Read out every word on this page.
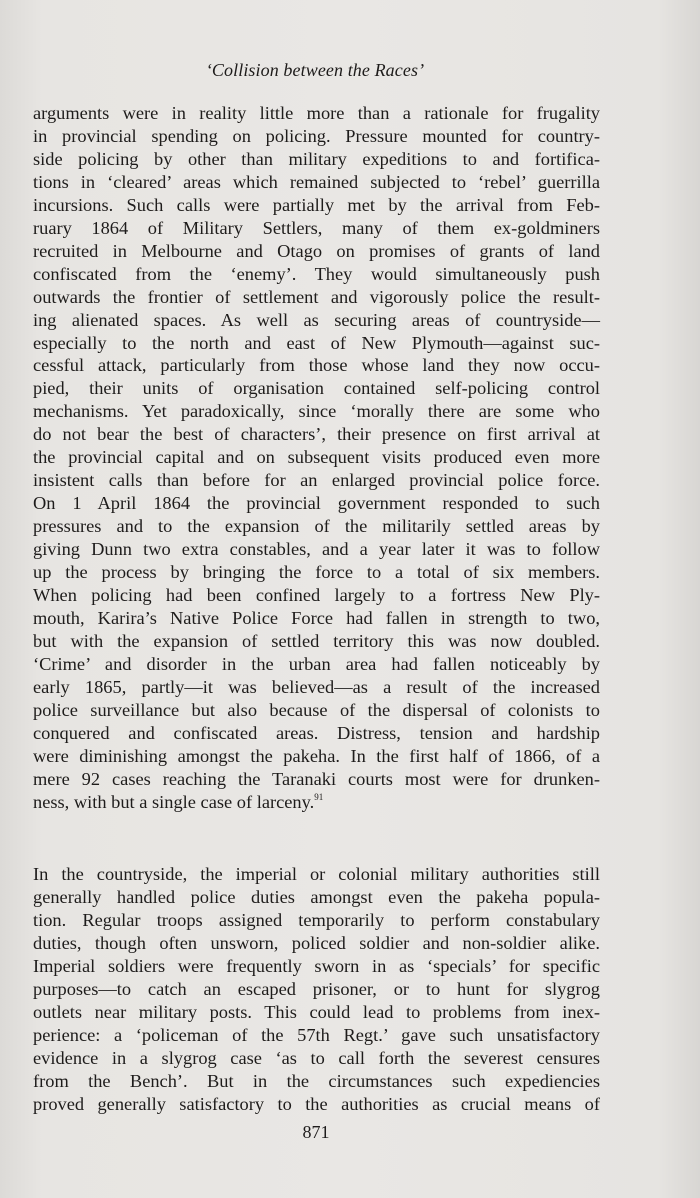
‘Collision between the Races’

arguments were in reality little more than a rationale for frugality
in provincial spending on policing. Pressure mounted for country-
side policing by other than military expeditions to and fortifica-
tions in ‘cleared’ areas which remained subjected to ‘rebel’ guerrilla
incursions. Such calls were partially met by the arrival from Feb-
ruary 1864 of Military Settlers, many of them ex-goldminers
recruited in Melbourne and Otago on promises of grants of land
confiscated from the ‘enemy’. They would simultaneously push
outwards the frontier of settlement and vigorously police the result-
ing alienated spaces. As well as securing areas of countryside—
especially to the north and east of New Plymouth—against suc-
cessful attack, particularly from those whose land they now occu-
pied, their units of organisation contained self-policing control
mechanisms. Yet paradoxically, since ‘morally there are some who
do not bear the best of characters’, their presence on first arrival at
the provincial capital and on subsequent visits produced even more
insistent calls than before for an enlarged provincial police force.
On 1 April 1864 the provincial government responded to such
pressures and to the expansion of the militarily settled areas by
giving Dunn two extra constables, and a year later it was to follow
up the process by bringing the force to a total of six members.
When policing had been confined largely to a fortress New Ply-
mouth, Karira’s Native Police Force had fallen in strength to two,
but with the expansion of settled territory this was now doubled.
‘Crime’ and disorder in the urban area had fallen noticeably by
early 1865, partly—it was believed—as a result of the increased
police surveillance but also because of the dispersal of colonists to
conquered and confiscated areas. Distress, tension and hardship
were diminishing amongst the pakeha. In the first half of 1866, of a
mere 92 cases reaching the Taranaki courts most were for drunken-
ness, with but a single case of larceny.$^{91}$

In the countryside, the imperial or colonial military authorities still
generally handled police duties amongst even the pakeha popula-
tion. Regular troops assigned temporarily to perform constabulary
duties, though often unsworn, policed soldier and non-soldier alike.
Imperial soldiers were frequently sworn in as ‘specials’ for specific
purposes—to catch an escaped prisoner, or to hunt for slygrog
outlets near military posts. This could lead to problems from inex-
perience: a ‘policeman of the 57th Regt.’ gave such unsatisfactory
evidence in a slygrog case ‘as to call forth the severest censures
from the Bench’. But in the circumstances such expediencies
proved generally satisfactory to the authorities as crucial means of

871
